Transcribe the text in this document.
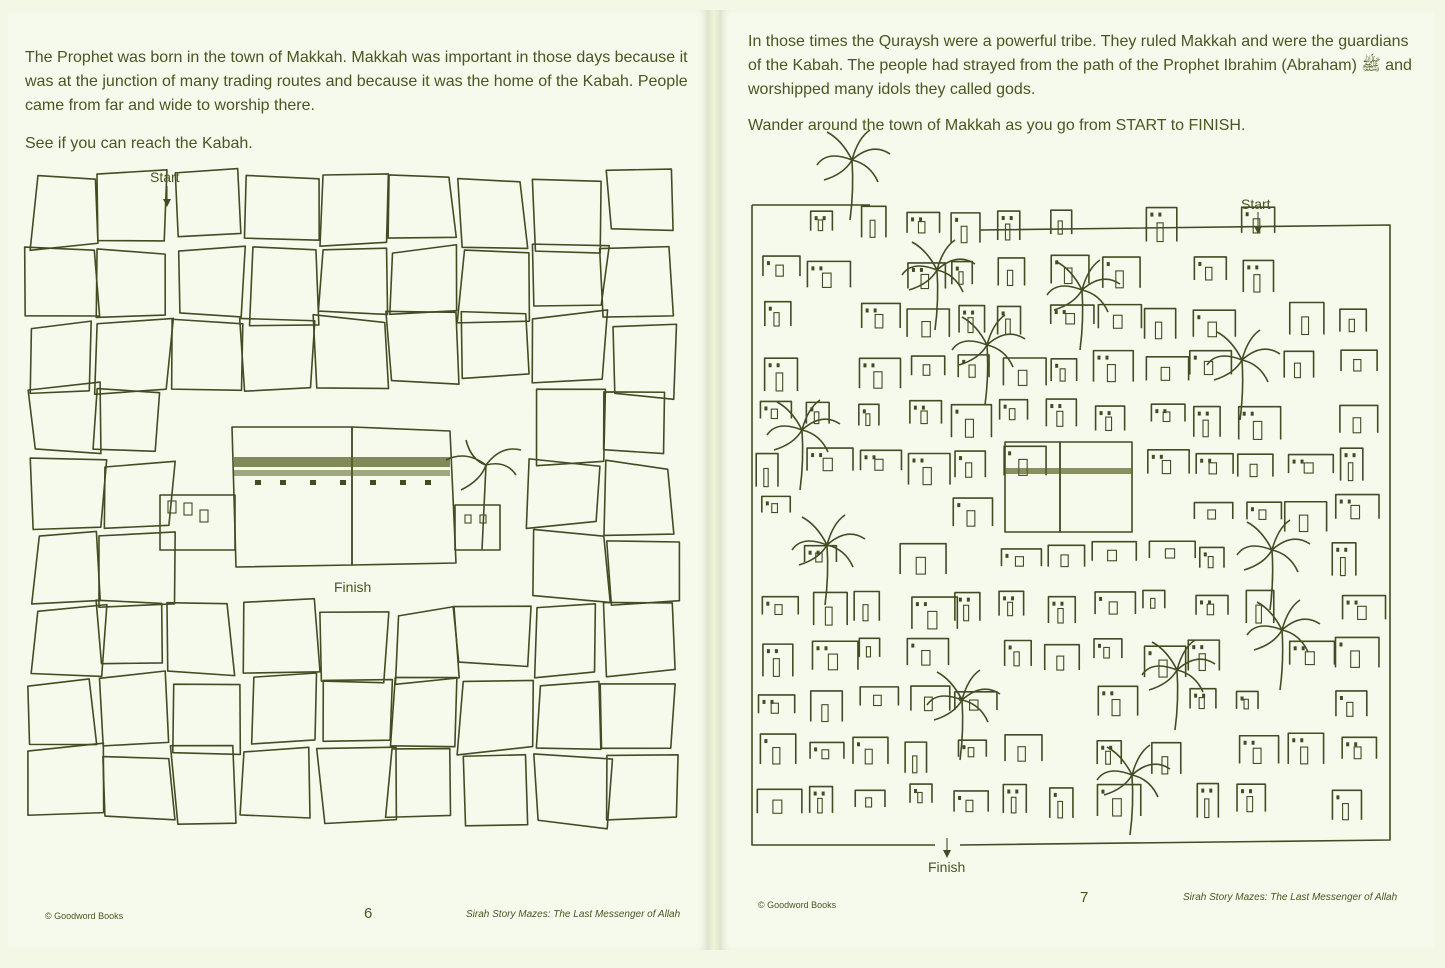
The Prophet was born in the town of Makkah. Makkah was important in those days because it was at the junction of many trading routes and because it was the home of the Kabah. People came from far and wide to worship there.

See if you can reach the Kabah.

Start
Finish
© Goodword Books	6	Sirah Story Mazes: The Last Messenger of Allah

In those times the Quraysh were a powerful tribe. They ruled Makkah and were the guardians of the Kabah. The people had strayed from the path of the Prophet Ibrahim (Abraham) ﷺ and worshipped many idols they called gods.

Wander around the town of Makkah as you go from START to FINISH.

Start
Finish
© Goodword Books	7	Sirah Story Mazes: The Last Messenger of Allah
